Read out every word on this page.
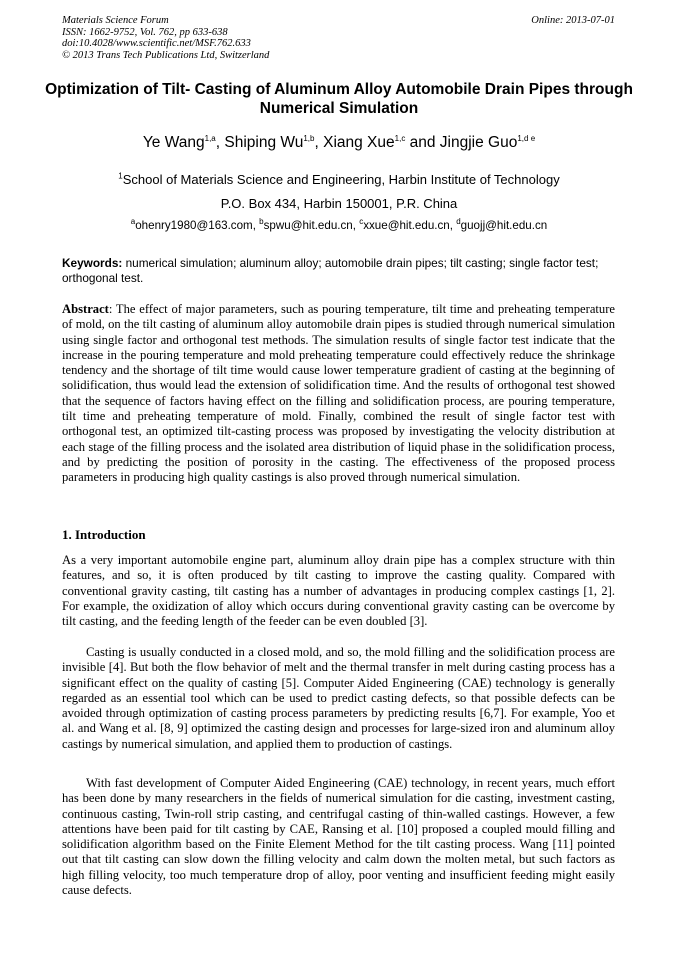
Materials Science Forum
ISSN: 1662-9752, Vol. 762, pp 633-638
doi:10.4028/www.scientific.net/MSF.762.633
© 2013 Trans Tech Publications Ltd, Switzerland
Online: 2013-07-01
Optimization of Tilt- Casting of Aluminum Alloy Automobile Drain Pipes through Numerical Simulation
Ye Wang$^{1,a}$, Shiping Wu$^{1,b}$, Xiang Xue$^{1,c}$ and Jingjie Guo$^{1,d e}$
$^1$School of Materials Science and Engineering, Harbin Institute of Technology
P.O. Box 434, Harbin 150001, P.R. China
$^a$ohenry1980@163.com, $^b$spwu@hit.edu.cn, $^c$xxue@hit.edu.cn, $^d$guojj@hit.edu.cn
Keywords: numerical simulation; aluminum alloy; automobile drain pipes; tilt casting; single factor test; orthogonal test.
Abstract: The effect of major parameters, such as pouring temperature, tilt time and preheating temperature of mold, on the tilt casting of aluminum alloy automobile drain pipes is studied through numerical simulation using single factor and orthogonal test methods. The simulation results of single factor test indicate that the increase in the pouring temperature and mold preheating temperature could effectively reduce the shrinkage tendency and the shortage of tilt time would cause lower temperature gradient of casting at the beginning of solidification, thus would lead the extension of solidification time. And the results of orthogonal test showed that the sequence of factors having effect on the filling and solidification process, are pouring temperature, tilt time and preheating temperature of mold. Finally, combined the result of single factor test with orthogonal test, an optimized tilt-casting process was proposed by investigating the velocity distribution at each stage of the filling process and the isolated area distribution of liquid phase in the solidification process, and by predicting the position of porosity in the casting. The effectiveness of the proposed process parameters in producing high quality castings is also proved through numerical simulation.
1. Introduction
As a very important automobile engine part, aluminum alloy drain pipe has a complex structure with thin features, and so, it is often produced by tilt casting to improve the casting quality. Compared with conventional gravity casting, tilt casting has a number of advantages in producing complex castings [1, 2]. For example, the oxidization of alloy which occurs during conventional gravity casting can be overcome by tilt casting, and the feeding length of the feeder can be even doubled [3].
Casting is usually conducted in a closed mold, and so, the mold filling and the solidification process are invisible [4]. But both the flow behavior of melt and the thermal transfer in melt during casting process has a significant effect on the quality of casting [5]. Computer Aided Engineering (CAE) technology is generally regarded as an essential tool which can be used to predict casting defects, so that possible defects can be avoided through optimization of casting process parameters by predicting results [6,7]. For example, Yoo et al. and Wang et al. [8, 9] optimized the casting design and processes for large-sized iron and aluminum alloy castings by numerical simulation, and applied them to production of castings.
With fast development of Computer Aided Engineering (CAE) technology, in recent years, much effort has been done by many researchers in the fields of numerical simulation for die casting, investment casting, continuous casting, Twin-roll strip casting, and centrifugal casting of thin-walled castings. However, a few attentions have been paid for tilt casting by CAE, Ransing et al. [10] proposed a coupled mould filling and solidification algorithm based on the Finite Element Method for the tilt casting process. Wang [11] pointed out that tilt casting can slow down the filling velocity and calm down the molten metal, but such factors as high filling velocity, too much temperature drop of alloy, poor venting and insufficient feeding might easily cause defects.
